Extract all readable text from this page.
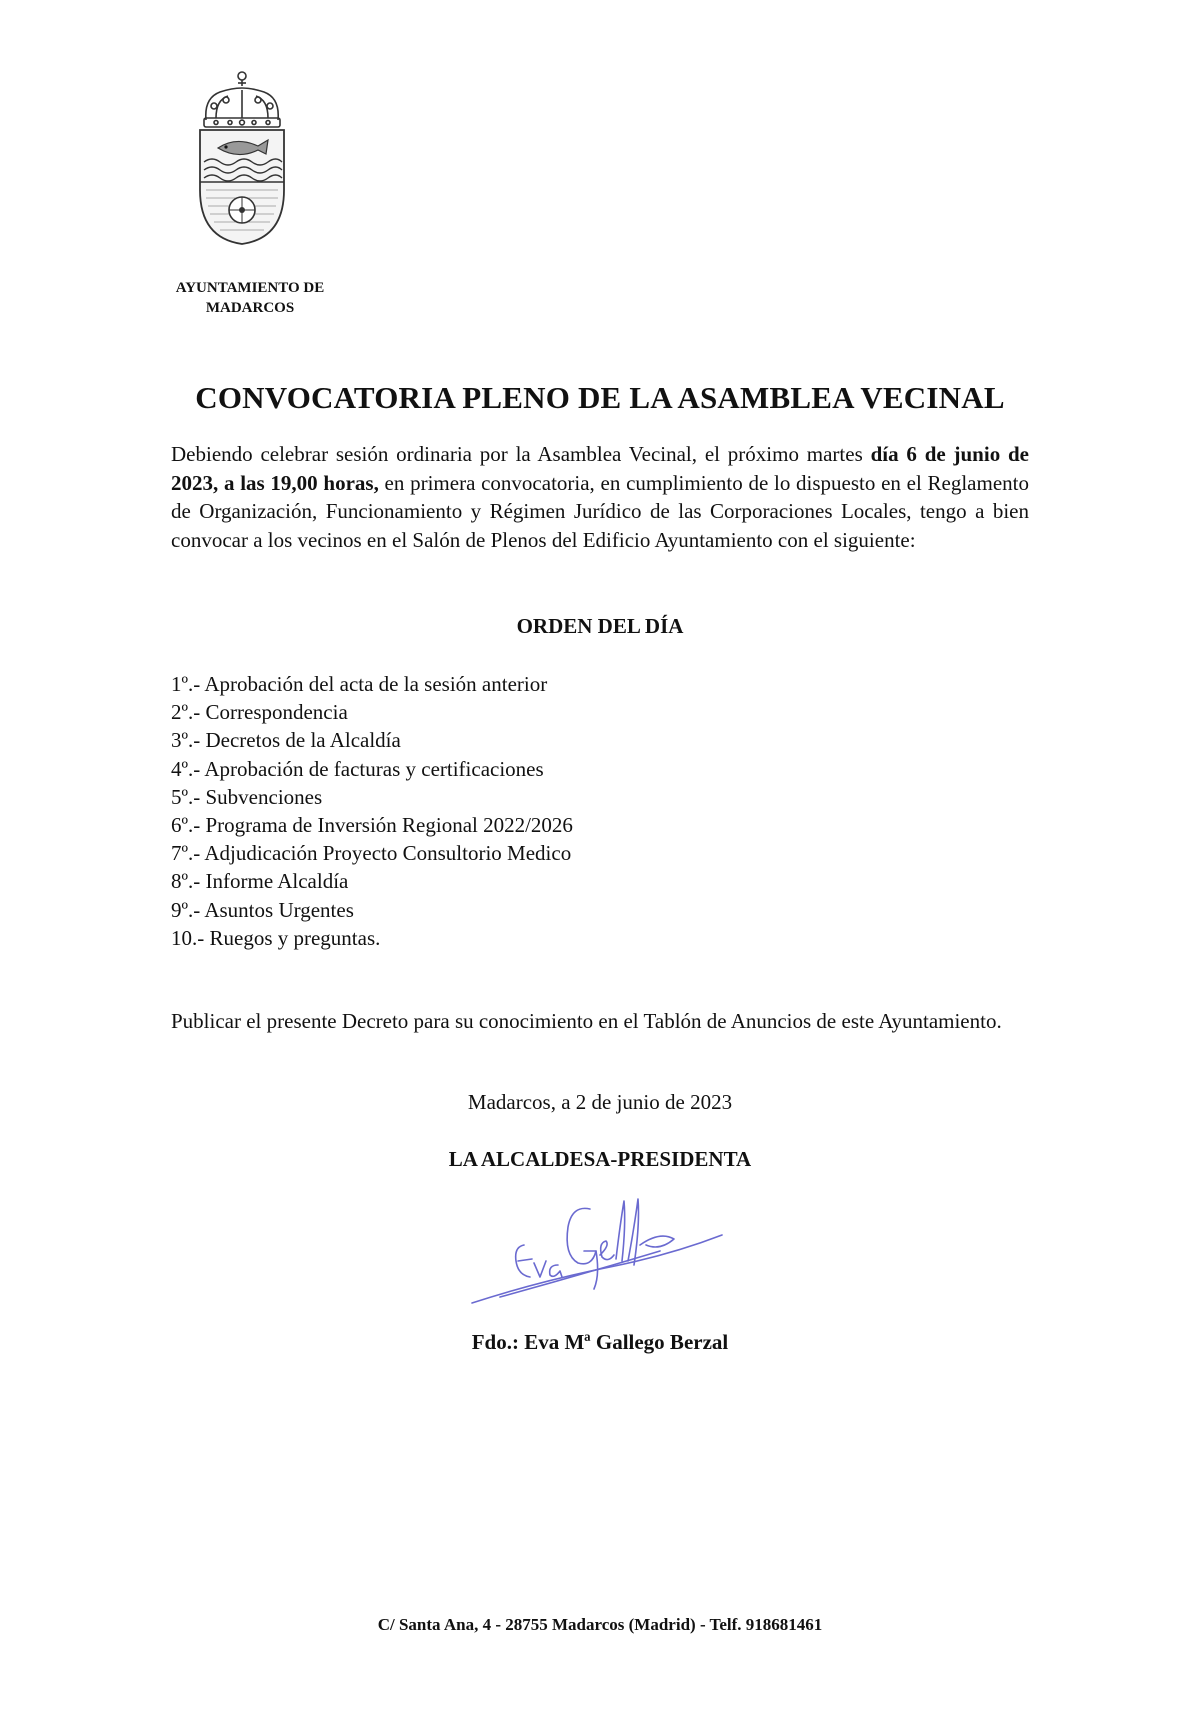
AYUNTAMIENTO DE
MADARCOS
CONVOCATORIA PLENO DE LA ASAMBLEA VECINAL

Debiendo celebrar sesión ordinaria por la Asamblea Vecinal, el próximo martes día 6 de junio de 2023, a las 19,00 horas, en primera convocatoria, en cumplimiento de lo dispuesto en el Reglamento de Organización, Funcionamiento y Régimen Jurídico de las Corporaciones Locales, tengo a bien convocar a los vecinos en el Salón de Plenos del Edificio Ayuntamiento con el siguiente:

ORDEN DEL DÍA
1º.- Aprobación del acta de la sesión anterior
2º.- Correspondencia
3º.- Decretos de la Alcaldía
4º.- Aprobación de facturas y certificaciones
5º.- Subvenciones
6º.- Programa de Inversión Regional 2022/2026
7º.- Adjudicación Proyecto Consultorio Medico
8º.- Informe Alcaldía
9º.- Asuntos Urgentes
10.- Ruegos y preguntas.

Publicar el presente Decreto para su conocimiento en el Tablón de Anuncios de este Ayuntamiento.

Madarcos, a 2 de junio de 2023
LA ALCALDESA-PRESIDENTA
Fdo.: Eva Mª Gallego Berzal
C/ Santa Ana, 4 - 28755 Madarcos (Madrid) - Telf. 918681461
